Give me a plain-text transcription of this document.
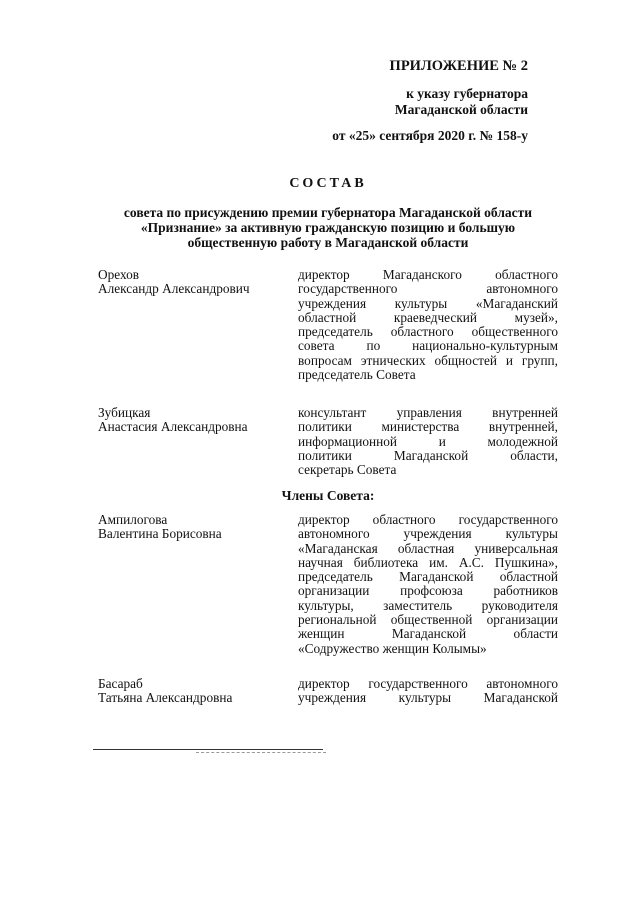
ПРИЛОЖЕНИЕ № 2
к указу губернатора
Магаданской области
от «25» сентября 2020 г. № 158-у
СОСТАВ
совета по присуждению премии губернатора Магаданской области
«Признание» за активную гражданскую позицию и большую
общественную работу в Магаданской области
Орехов
Александр Александрович
директор Магаданского областного
государственного автономного
учреждения культуры «Магаданский
областной краеведческий музей»,
председатель областного общественного
совета по национально-культурным
вопросам этнических общностей и групп,
председатель Совета
Зубицкая
Анастасия Александровна
консультант управления внутренней
политики министерства внутренней,
информационной и молодежной
политики Магаданской области,
секретарь Совета
Члены Совета:
Ампилогова
Валентина Борисовна
директор областного государственного
автономного учреждения культуры
«Магаданская областная универсальная
научная библиотека им. А.С. Пушкина»,
председатель Магаданской областной
организации профсоюза работников
культуры, заместитель руководителя
региональной общественной организации
женщин Магаданской области
«Содружество женщин Колымы»
Басараб
Татьяна Александровна
директор государственного автономного
учреждения культуры Магаданской
